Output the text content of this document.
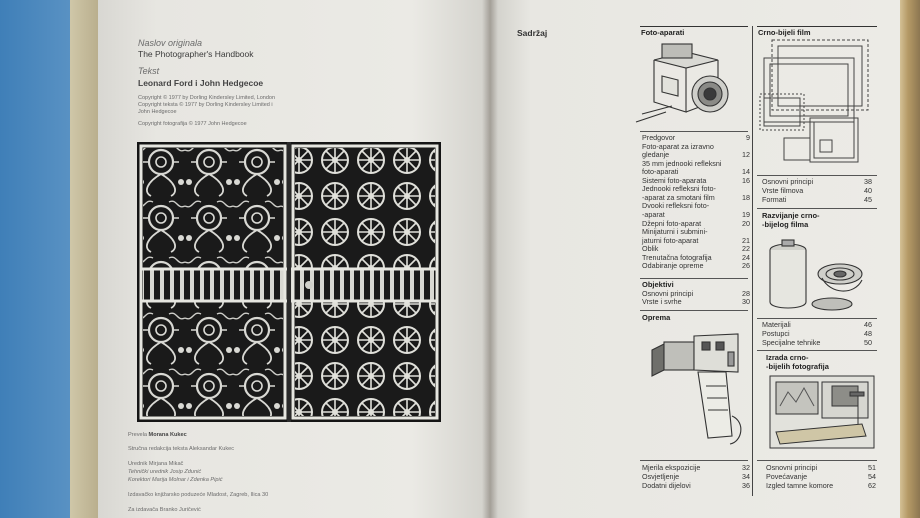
Naslov originala
The Photographer's Handbook
Tekst
Leonard Ford i John Hedgecoe
Copyright © 1977 by Dorling Kindersley Limited, London
Copyright teksta © 1977 by Dorling Kindersley Limited i
John Hedgecoe
Copyright fotografija © 1977 John Hedgecoe
Prevela Morana Kukec
Stručna redakcija teksta Aleksandar Kukec
Urednik Mirjana Mikač
Tehnički urednik Josip Zdunić
Korektori Marija Molnar i Zdenka Pipić
Izdavačko knjižarsko poduzeće Mladost, Zagreb, Ilica 30
Za izdavača Branko Juričević
Sadržaj	Foto-aparati
Predgovor	9
Foto-aparat za izravno
gledanje	12
35 mm jednooki refleksni
foto-aparati	14
Sistemi foto-aparata	16
Jednooki refleksni foto-
-aparat za smotani film	18
Dvooki refleksni foto-
-aparat	19
Džepni foto-aparat	20
Minijaturni i submini-
jaturni foto-aparat	21
Oblik	22
Trenutačna fotografija	24
Odabiranje opreme	26
Objektivi
Osnovni principi	28
Vrste i svrhe	30
Oprema
Mjerila ekspozicije	32
Osvjetljenje	34
Dodatni dijelovi	36
Crno-bijeli film
Osnovni principi	38
Vrste filmova	40
Formati	45
Razvijanje crno-
-bijelog filma
Materijali	46
Postupci	48
Specijalne tehnike	50
Izrada crno-
-bijelih fotografija
Osnovni principi	51
Povećavanje	54
Izgled tamne komore	62
